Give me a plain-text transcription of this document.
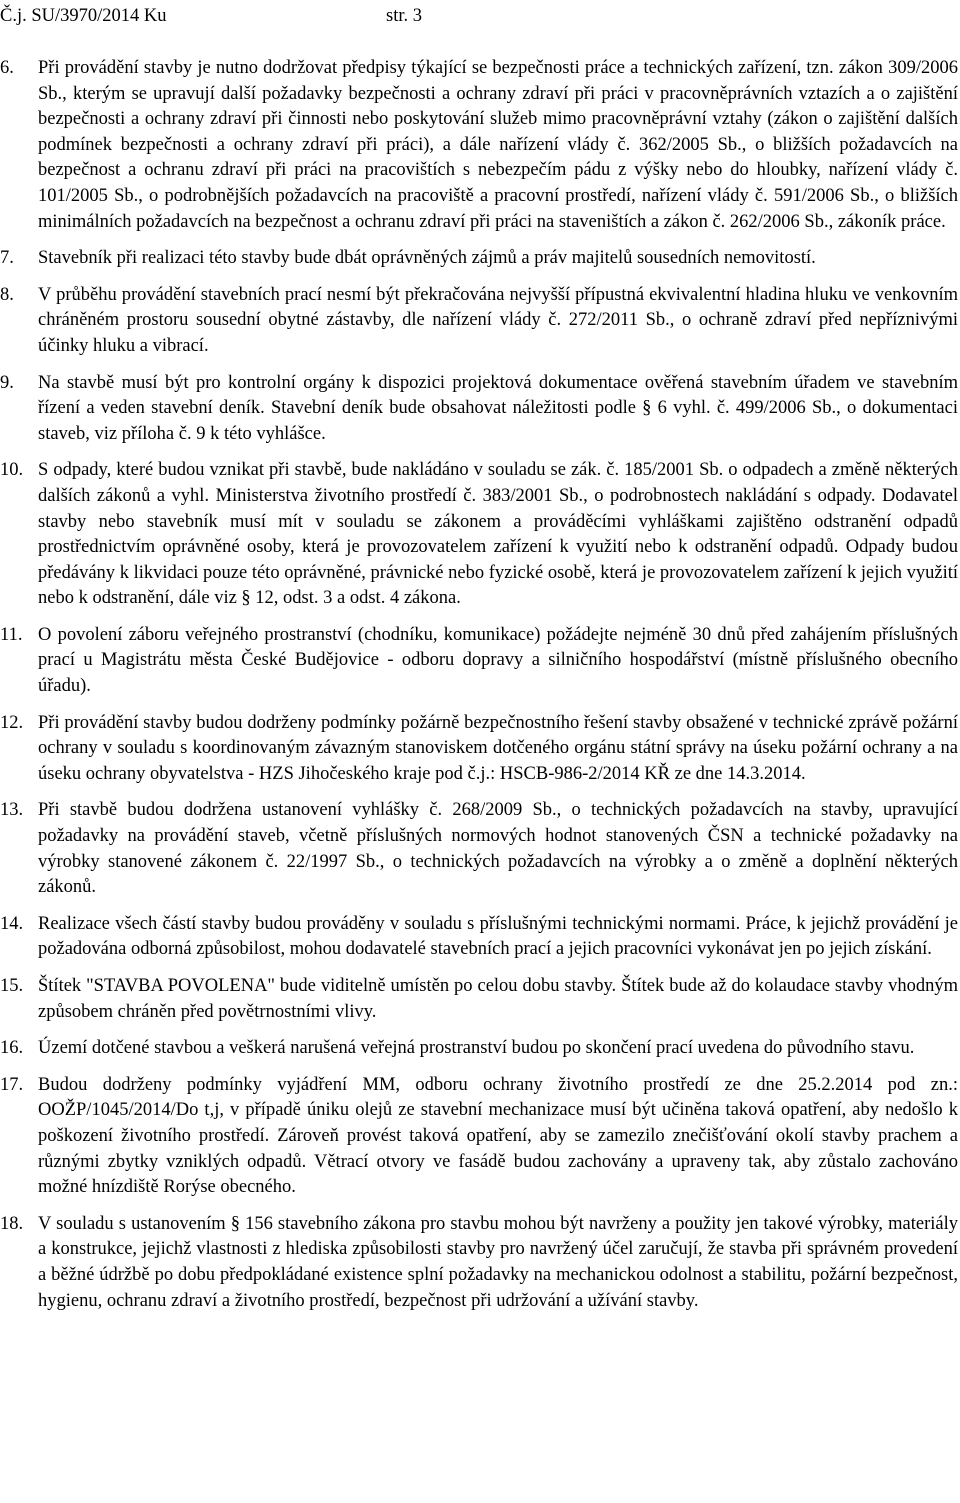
Č.j. SU/3970/2014 Ku	str. 3
6. Při provádění stavby je nutno dodržovat předpisy týkající se bezpečnosti práce a technických zařízení, tzn. zákon 309/2006 Sb., kterým se upravují další požadavky bezpečnosti a ochrany zdraví při práci v pracovněprávních vztazích a o zajištění bezpečnosti a ochrany zdraví při činnosti nebo poskytování služeb mimo pracovněprávní vztahy (zákon o zajištění dalších podmínek bezpečnosti a ochrany zdraví při práci), a dále nařízení vlády č. 362/2005 Sb., o bližších požadavcích na bezpečnost a ochranu zdraví při práci na pracovištích s nebezpečím pádu z výšky nebo do hloubky, nařízení vlády č. 101/2005 Sb., o podrobnějších požadavcích na pracoviště a pracovní prostředí, nařízení vlády č. 591/2006 Sb., o bližších minimálních požadavcích na bezpečnost a ochranu zdraví při práci na staveništích a zákon č. 262/2006 Sb., zákoník práce.
7. Stavebník při realizaci této stavby bude dbát oprávněných zájmů a práv majitelů sousedních nemovitostí.
8. V průběhu provádění stavebních prací nesmí být překračována nejvyšší přípustná ekvivalentní hladina hluku ve venkovním chráněném prostoru sousední obytné zástavby, dle nařízení vlády č. 272/2011 Sb., o ochraně zdraví před nepříznivými účinky hluku a vibrací.
9. Na stavbě musí být pro kontrolní orgány k dispozici projektová dokumentace ověřená stavebním úřadem ve stavebním řízení a veden stavební deník. Stavební deník bude obsahovat náležitosti podle § 6 vyhl. č. 499/2006 Sb., o dokumentaci staveb, viz příloha č. 9 k této vyhlášce.
10. S odpady, které budou vznikat při stavbě, bude nakládáno v souladu se zák. č. 185/2001 Sb. o odpadech a změně některých dalších zákonů a vyhl. Ministerstva životního prostředí č. 383/2001 Sb., o podrobnostech nakládání s odpady. Dodavatel stavby nebo stavebník musí mít v souladu se zákonem a prováděcími vyhláškami zajištěno odstranění odpadů prostřednictvím oprávněné osoby, která je provozovatelem zařízení k využití nebo k odstranění odpadů. Odpady budou předávány k likvidaci pouze této oprávněné, právnické nebo fyzické osobě, která je provozovatelem zařízení k jejich využití nebo k odstranění, dále viz § 12, odst. 3 a odst. 4 zákona.
11. O povolení záboru veřejného prostranství (chodníku, komunikace) požádejte nejméně 30 dnů před zahájením příslušných prací u Magistrátu města České Budějovice - odboru dopravy a silničního hospodářství (místně příslušného obecního úřadu).
12. Při provádění stavby budou dodrženy podmínky požárně bezpečnostního řešení stavby obsažené v technické zprávě požární ochrany v souladu s koordinovaným závazným stanoviskem dotčeného orgánu státní správy na úseku požární ochrany a na úseku ochrany obyvatelstva - HZS Jihočeského kraje pod č.j.: HSCB-986-2/2014 KŘ ze dne 14.3.2014.
13. Při stavbě budou dodržena ustanovení vyhlášky č. 268/2009 Sb., o technických požadavcích na stavby, upravující požadavky na provádění staveb, včetně příslušných normových hodnot stanovených ČSN a technické požadavky na výrobky stanovené zákonem č. 22/1997 Sb., o technických požadavcích na výrobky a o změně a doplnění některých zákonů.
14. Realizace všech částí stavby budou prováděny v souladu s příslušnými technickými normami. Práce, k jejichž provádění je požadována odborná způsobilost, mohou dodavatelé stavebních prací a jejich pracovníci vykonávat jen po jejich získání.
15. Štítek "STAVBA POVOLENA" bude viditelně umístěn po celou dobu stavby. Štítek bude až do kolaudace stavby vhodným způsobem chráněn před povětrnostními vlivy.
16. Území dotčené stavbou a veškerá narušená veřejná prostranství budou po skončení prací uvedena do původního stavu.
17. Budou dodrženy podmínky vyjádření MM, odboru ochrany životního prostředí ze dne 25.2.2014 pod zn.: OOŽP/1045/2014/Do t,j, v případě úniku olejů ze stavební mechanizace musí být učiněna taková opatření, aby nedošlo k poškození životního prostředí. Zároveň provést taková opatření, aby se zamezilo znečišťování okolí stavby prachem a různými zbytky vzniklých odpadů. Větrací otvory ve fasádě budou zachovány a upraveny tak, aby zůstalo zachováno možné hnízdiště Rorýse obecného.
18. V souladu s ustanovením § 156 stavebního zákona pro stavbu mohou být navrženy a použity jen takové výrobky, materiály a konstrukce, jejichž vlastnosti z hlediska způsobilosti stavby pro navržený účel zaručují, že stavba při správném provedení a běžné údržbě po dobu předpokládané existence splní požadavky na mechanickou odolnost a stabilitu, požární bezpečnost, hygienu, ochranu zdraví a životního prostředí, bezpečnost při udržování a užívání stavby.
